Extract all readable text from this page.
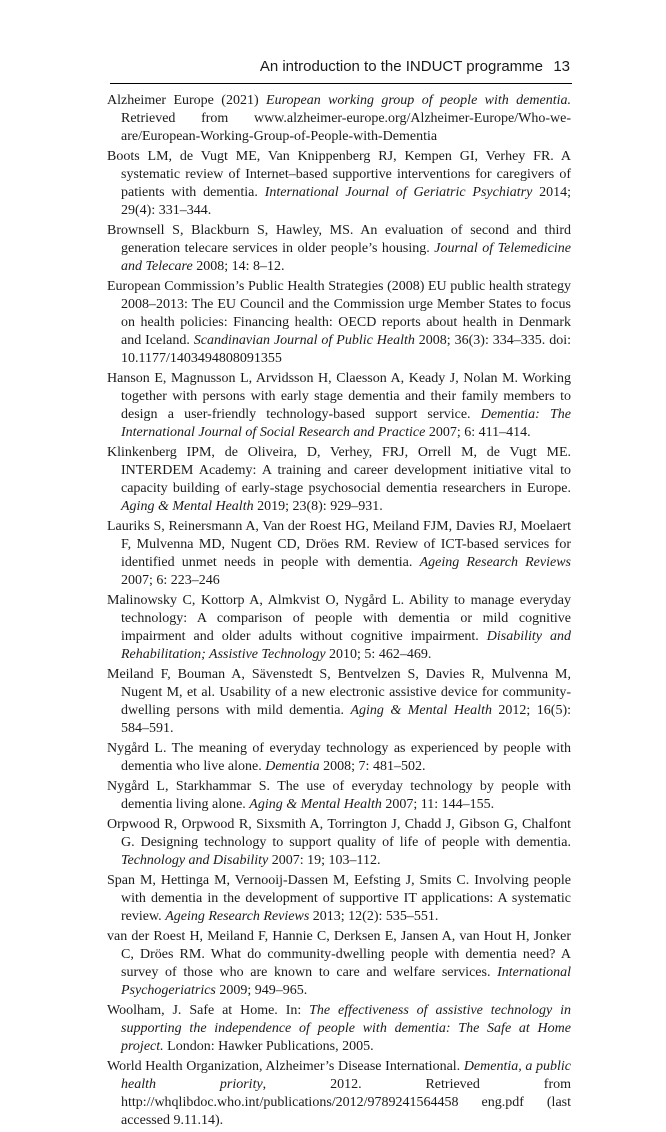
An introduction to the INDUCT programme 13
Alzheimer Europe (2021) European working group of people with dementia. Retrieved from www.alzheimer-europe.org/Alzheimer-Europe/Who-we-are/European-Working-Group-of-People-with-Dementia
Boots LM, de Vugt ME, Van Knippenberg RJ, Kempen GI, Verhey FR. A systematic review of Internet–based supportive interventions for caregivers of patients with dementia. International Journal of Geriatric Psychiatry 2014; 29(4): 331–344.
Brownsell S, Blackburn S, Hawley, MS. An evaluation of second and third generation telecare services in older people’s housing. Journal of Telemedicine and Telecare 2008; 14: 8–12.
European Commission’s Public Health Strategies (2008) EU public health strategy 2008–2013: The EU Council and the Commission urge Member States to focus on health policies: Financing health: OECD reports about health in Denmark and Iceland. Scandinavian Journal of Public Health 2008; 36(3): 334–335. doi: 10.1177/1403494808091355
Hanson E, Magnusson L, Arvidsson H, Claesson A, Keady J, Nolan M. Working together with persons with early stage dementia and their family members to design a user-friendly technology-based support service. Dementia: The International Journal of Social Research and Practice 2007; 6: 411–414.
Klinkenberg IPM, de Oliveira, D, Verhey, FRJ, Orrell M, de Vugt ME. INTERDEM Academy: A training and career development initiative vital to capacity building of early-stage psychosocial dementia researchers in Europe. Aging & Mental Health 2019; 23(8): 929–931.
Lauriks S, Reinersmann A, Van der Roest HG, Meiland FJM, Davies RJ, Moelaert F, Mulvenna MD, Nugent CD, Dröes RM. Review of ICT-based services for identified unmet needs in people with dementia. Ageing Research Reviews 2007; 6: 223–246
Malinowsky C, Kottorp A, Almkvist O, Nygård L. Ability to manage everyday technology: A comparison of people with dementia or mild cognitive impairment and older adults without cognitive impairment. Disability and Rehabilitation; Assistive Technology 2010; 5: 462–469.
Meiland F, Bouman A, Sävenstedt S, Bentvelzen S, Davies R, Mulvenna M, Nugent M, et al. Usability of a new electronic assistive device for community-dwelling persons with mild dementia. Aging & Mental Health 2012; 16(5): 584–591.
Nygård L. The meaning of everyday technology as experienced by people with dementia who live alone. Dementia 2008; 7: 481–502.
Nygård L, Starkhammar S. The use of everyday technology by people with dementia living alone. Aging & Mental Health 2007; 11: 144–155.
Orpwood R, Orpwood R, Sixsmith A, Torrington J, Chadd J, Gibson G, Chalfont G. Designing technology to support quality of life of people with dementia. Technology and Disability 2007: 19; 103–112.
Span M, Hettinga M, Vernooij-Dassen M, Eefsting J, Smits C. Involving people with dementia in the development of supportive IT applications: A systematic review. Ageing Research Reviews 2013; 12(2): 535–551.
van der Roest H, Meiland F, Hannie C, Derksen E, Jansen A, van Hout H, Jonker C, Dröes RM. What do community-dwelling people with dementia need? A survey of those who are known to care and welfare services. International Psychogeriatrics 2009; 949–965.
Woolham, J. Safe at Home. In: The effectiveness of assistive technology in supporting the independence of people with dementia: The Safe at Home project. London: Hawker Publications, 2005.
World Health Organization, Alzheimer’s Disease International. Dementia, a public health priority, 2012. Retrieved from http://whqlibdoc.who.int/publications/2012/9789241564458 eng.pdf (last accessed 9.11.14).
